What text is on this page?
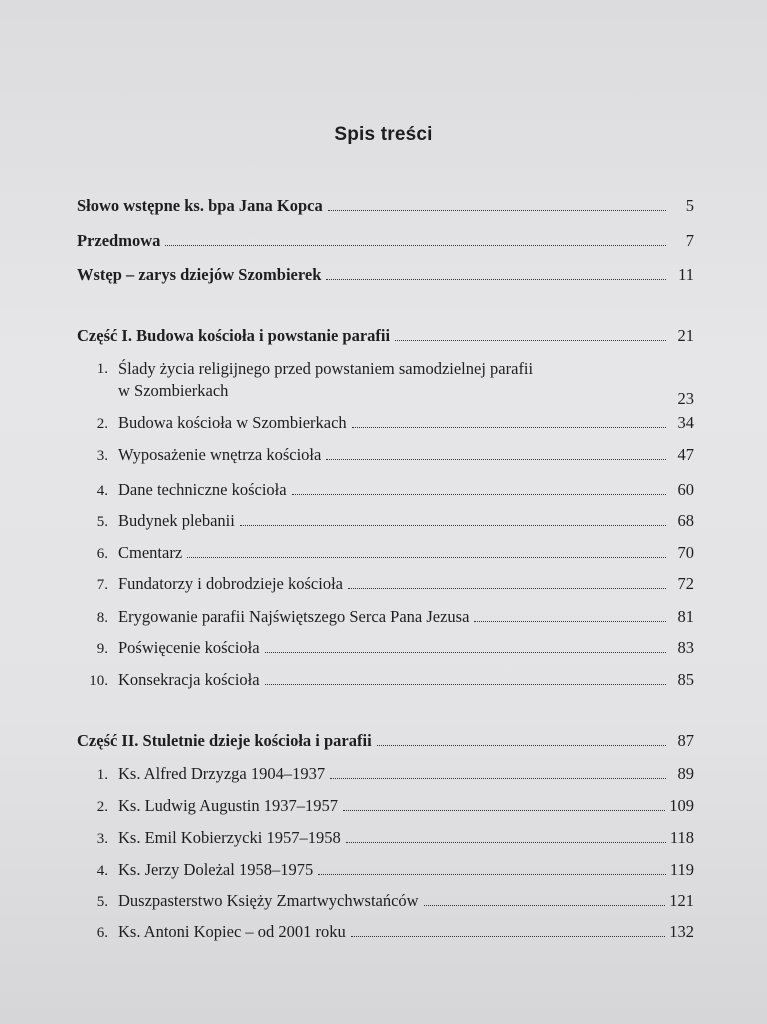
Spis treści
Słowo wstępne ks. bpa Jana Kopca	5
Przedmowa	7
Wstęp – zarys dziejów Szombierek	11
Część I. Budowa kościoła i powstanie parafii	21
1. Ślady życia religijnego przed powstaniem samodzielnej parafii
w Szombierkach	23
2. Budowa kościoła w Szombierkach	34
3. Wyposażenie wnętrza kościoła	47
4. Dane techniczne kościoła	60
5. Budynek plebanii	68
6. Cmentarz	70
7. Fundatorzy i dobrodzieje kościoła	72
8. Erygowanie parafii Najświętszego Serca Pana Jezusa	81
9. Poświęcenie kościoła	83
10. Konsekracja kościoła	85
Część II. Stuletnie dzieje kościoła i parafii	87
1. Ks. Alfred Drzyzga 1904–1937	89
2. Ks. Ludwig Augustin 1937–1957	109
3. Ks. Emil Kobierzycki 1957–1958	118
4. Ks. Jerzy Doleżal 1958–1975	119
5. Duszpasterstwo Księży Zmartwychwstańców	121
6. Ks. Antoni Kopiec – od 2001 roku	132
